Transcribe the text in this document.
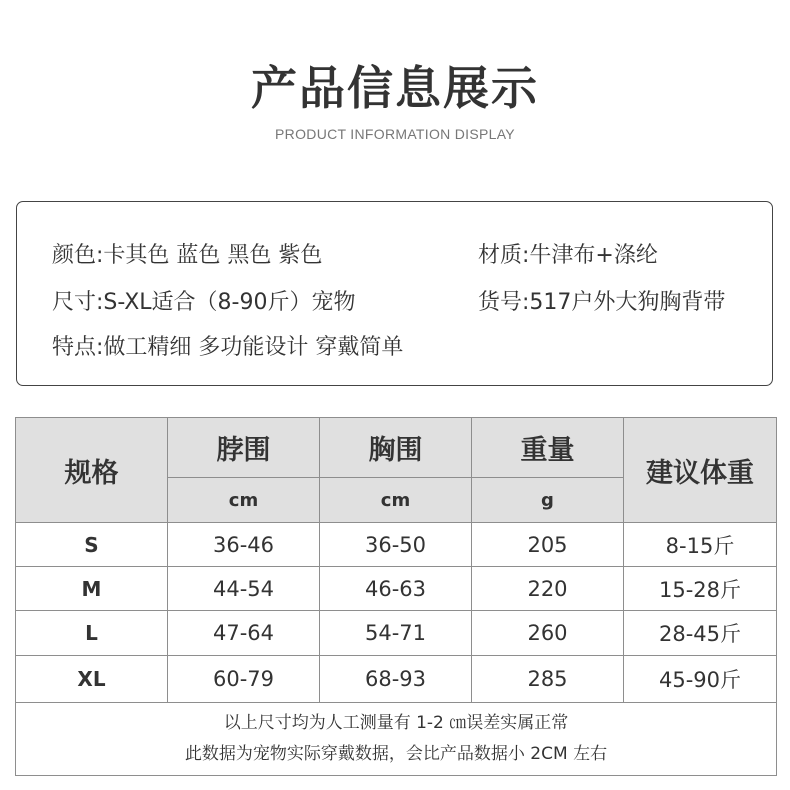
产品信息展示
PRODUCT INFORMATION DISPLAY
颜色:卡其色 蓝色 黑色 紫色	材质:牛津布+涤纶
尺寸:S-XL适合（8-90斤）宠物	货号:517户外大狗胸背带
特点:做工精细 多功能设计 穿戴简单
规格	脖围	胸围	重量	建议体重
	cm	cm	g	
S	36-46	36-50	205	8-15斤
M	44-54	46-63	220	15-28斤
L	47-64	54-71	260	28-45斤
XL	60-79	68-93	285	45-90斤

以上尺寸均为人工测量有 1-2 ㎝误差实属正常
此数据为宠物实际穿戴数据，会比产品数据小 2CM 左右				
